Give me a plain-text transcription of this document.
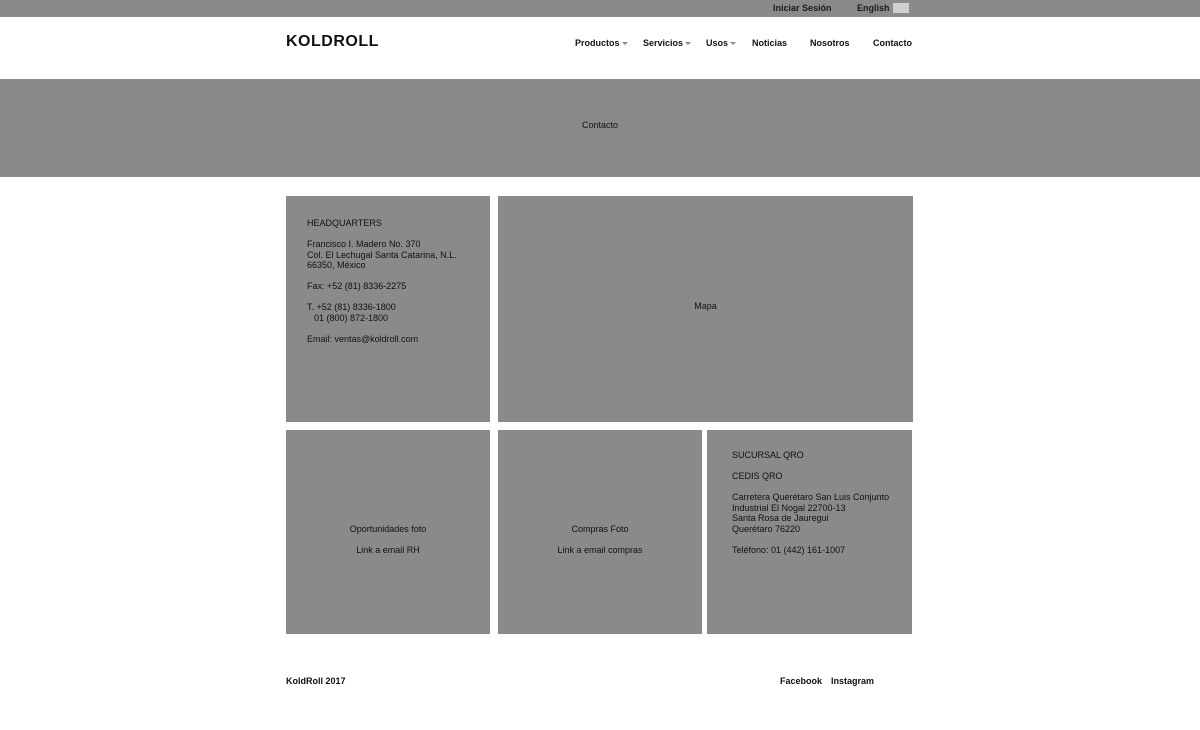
Iniciar Sesión	English
KOLDROLL	Productos	Servicios	Usos	Noticias	Nosotros	Contacto
Contacto

HEADQUARTERS

Francisco I. Madero No. 370
Col. El Lechugal Santa Catarina, N.L.
66350, México

Fax: +52 (81) 8336-2275

T. +52 (81) 8336-1800
01 (800) 872-1800

Email: ventas@koldroll.com

Mapa
Oportunidades foto
Link a email RH
Compras Foto
Link a email compras

SUCURSAL QRO

CEDIS QRO

Carretera Querétaro San Luis Conjunto
Industrial El Nogal 22700-13
Santa Rosa de Jauregui
Querétaro 76220

Teléfono: 01 (442) 161-1007

KoldRoll 2017	Facebook Instagram
